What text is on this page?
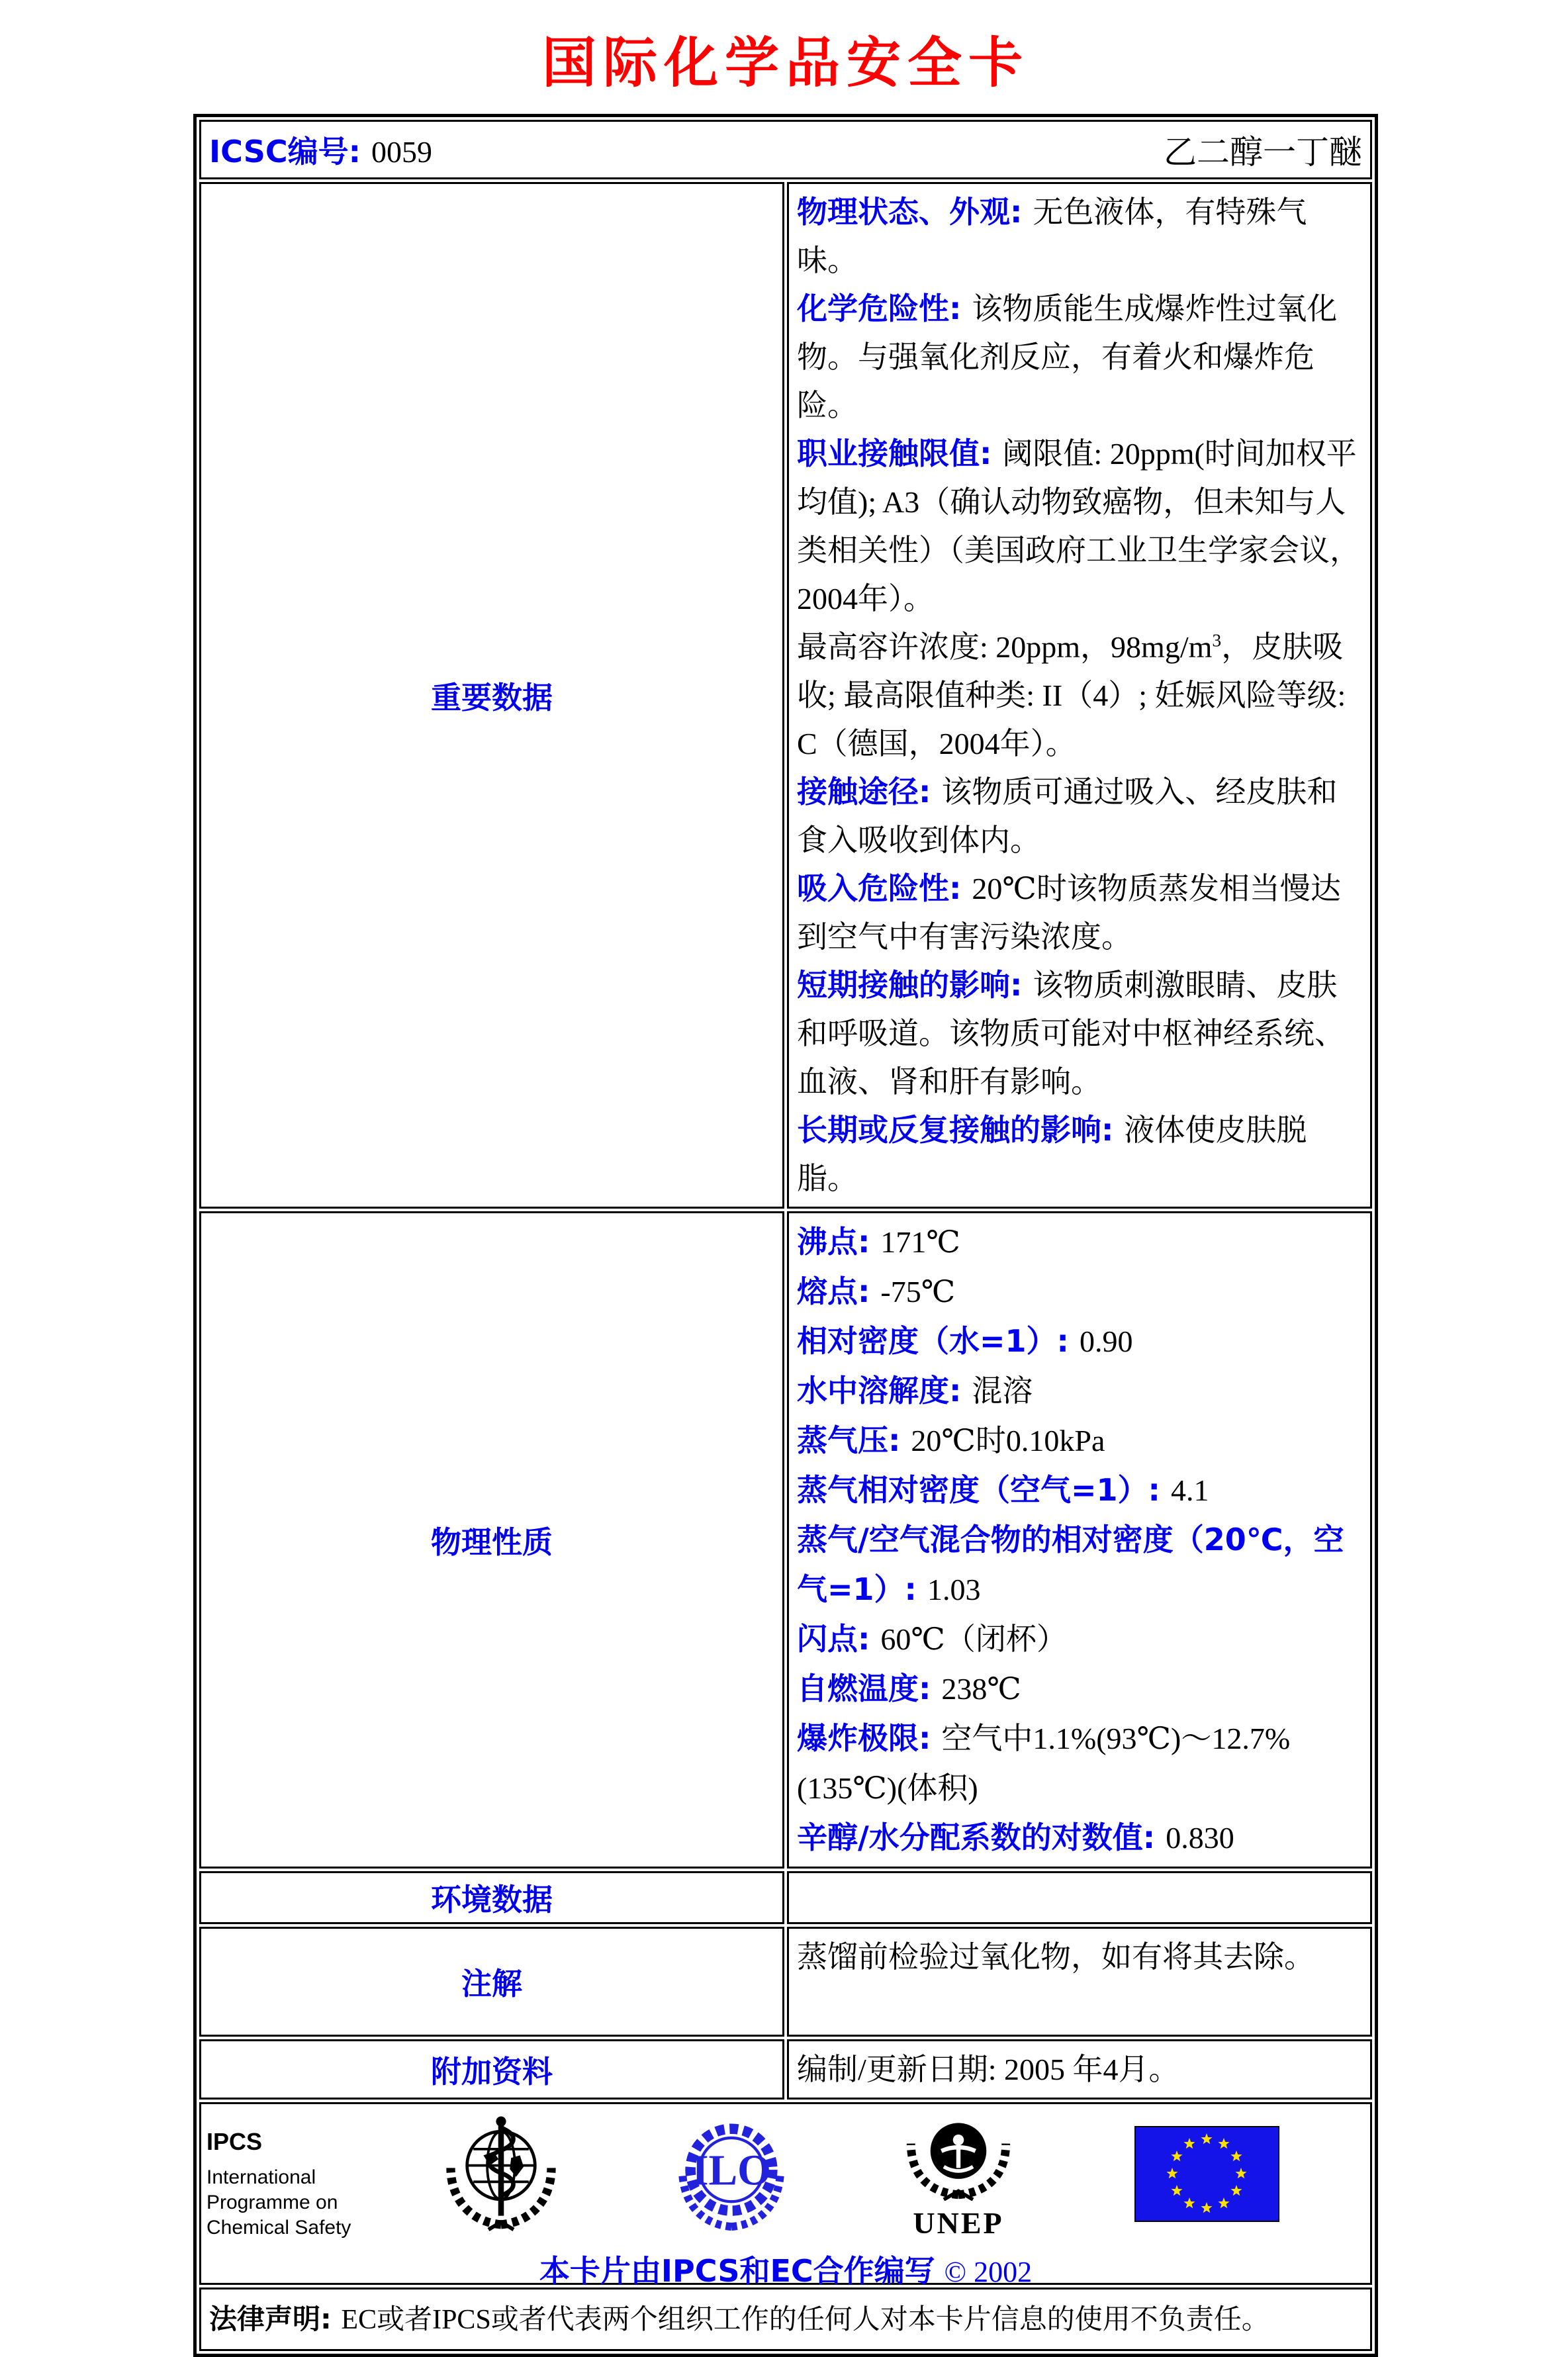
国际化学品安全卡
ICSC编号: 0059 乙二醇一丁醚	

重要数据	
物理状态、外观: 无色液体，有特殊气味。
化学危险性: 该物质能生成爆炸性过氧化物。与强氧化剂反应，有着火和爆炸危险。
职业接触限值: 阈限值: 20ppm(时间加权平均值); A3（确认动物致癌物，但未知与人类相关性）（美国政府工业卫生学家会议，2004年）。
最高容许浓度: 20ppm，$98mg/m^3$，皮肤吸收; 最高限值种类: II（4）; 妊娠风险等级: C（德国，2004年）。
接触途径: 该物质可通过吸入、经皮肤和食入吸收到体内。
吸入危险性: 20℃时该物质蒸发相当慢达到空气中有害污染浓度。
短期接触的影响: 该物质刺激眼睛、皮肤和呼吸道。该物质可能对中枢神经系统、血液、肾和肝有影响。
长期或反复接触的影响: 液体使皮肤脱脂。

物理性质	
沸点: 171℃
熔点: -75℃
相对密度（水=1）: 0.90
水中溶解度: 混溶
蒸气压: 20℃时0.10kPa
蒸气相对密度（空气=1）: 4.1
蒸气/空气混合物的相对密度（20℃，空气=1）: 1.03
闪点: 60℃（闭杯）
自燃温度: 238℃
爆炸极限: 空气中1.1%(93℃)～12.7%(135℃)(体积)
辛醇/水分配系数的对数值: 0.830

环境数据	
注解	蒸馏前检验过氧化物，如有将其去除。

附加资料	编制/更新日期: 2005 年4月。

IPCS

International

Programme on

Chemical Safety

ILO
UNEP
本卡片由IPCS和EC合作编写 © 2002

法律声明: EC或者IPCS或者代表两个组织工作的任何人对本卡片信息的使用不负责任。	
